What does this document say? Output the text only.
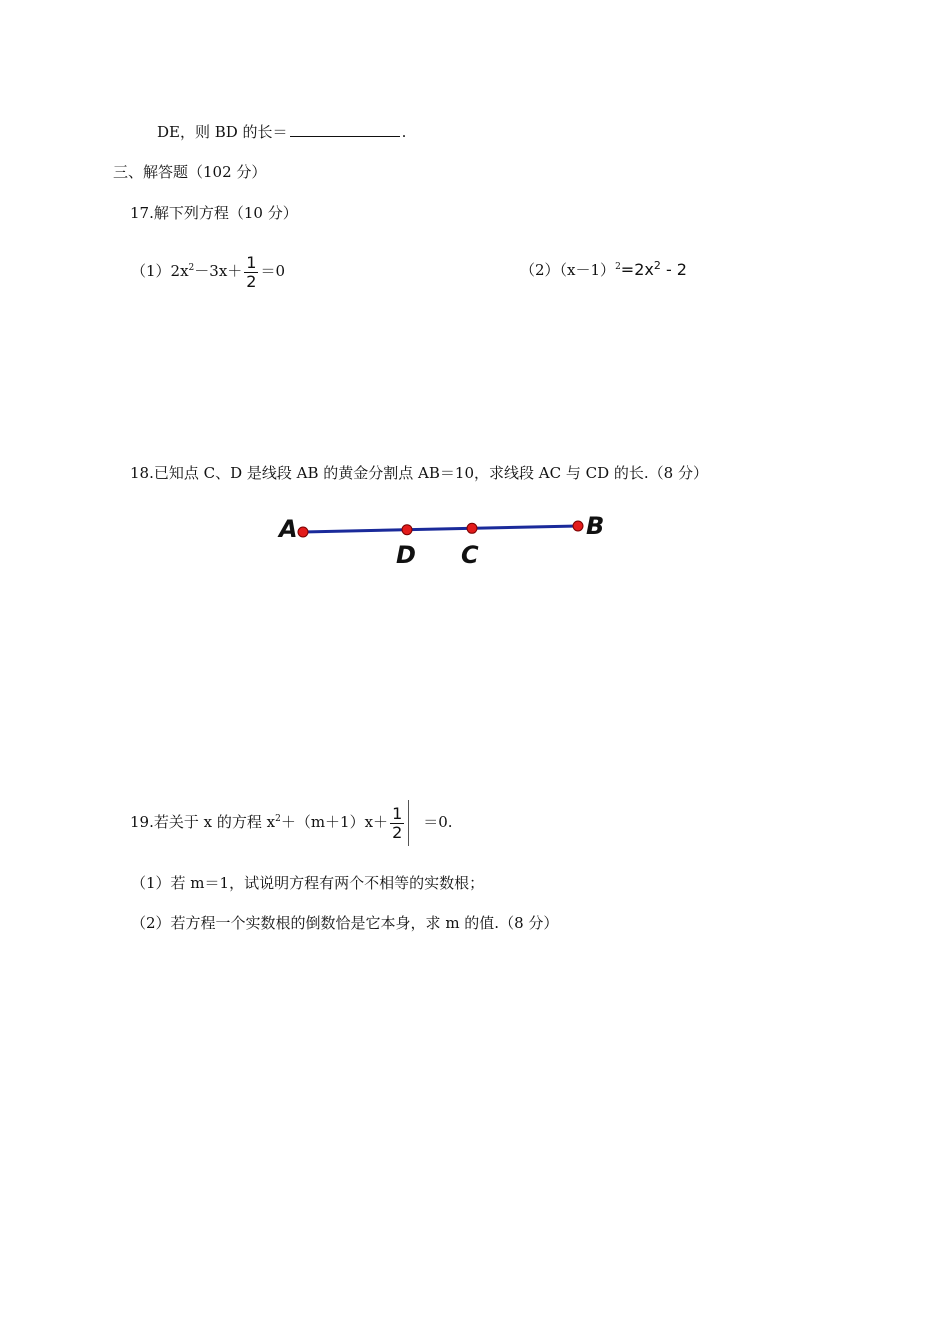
DE，则 BD 的长＝	.
三、解答题（102 分）
17.解下列方程（10 分）
$(1)2x^2-3x+ \frac{1}{2} =0$	$(2)(x-1)^2=2x^2 - 2$
18.已知点 C、D 是线段 AB 的黄金分割点 AB＝10，求线段 AC 与 CD 的长.（8 分）
A	B
D C
19.若关于 x 的方程 $x^2+(m+1)x+ \frac{1}{2} =0$.
（1）若 m＝1，试说明方程有两个不相等的实数根；
（2）若方程一个实数根的倒数恰是它本身，求 m 的值.（8 分）
